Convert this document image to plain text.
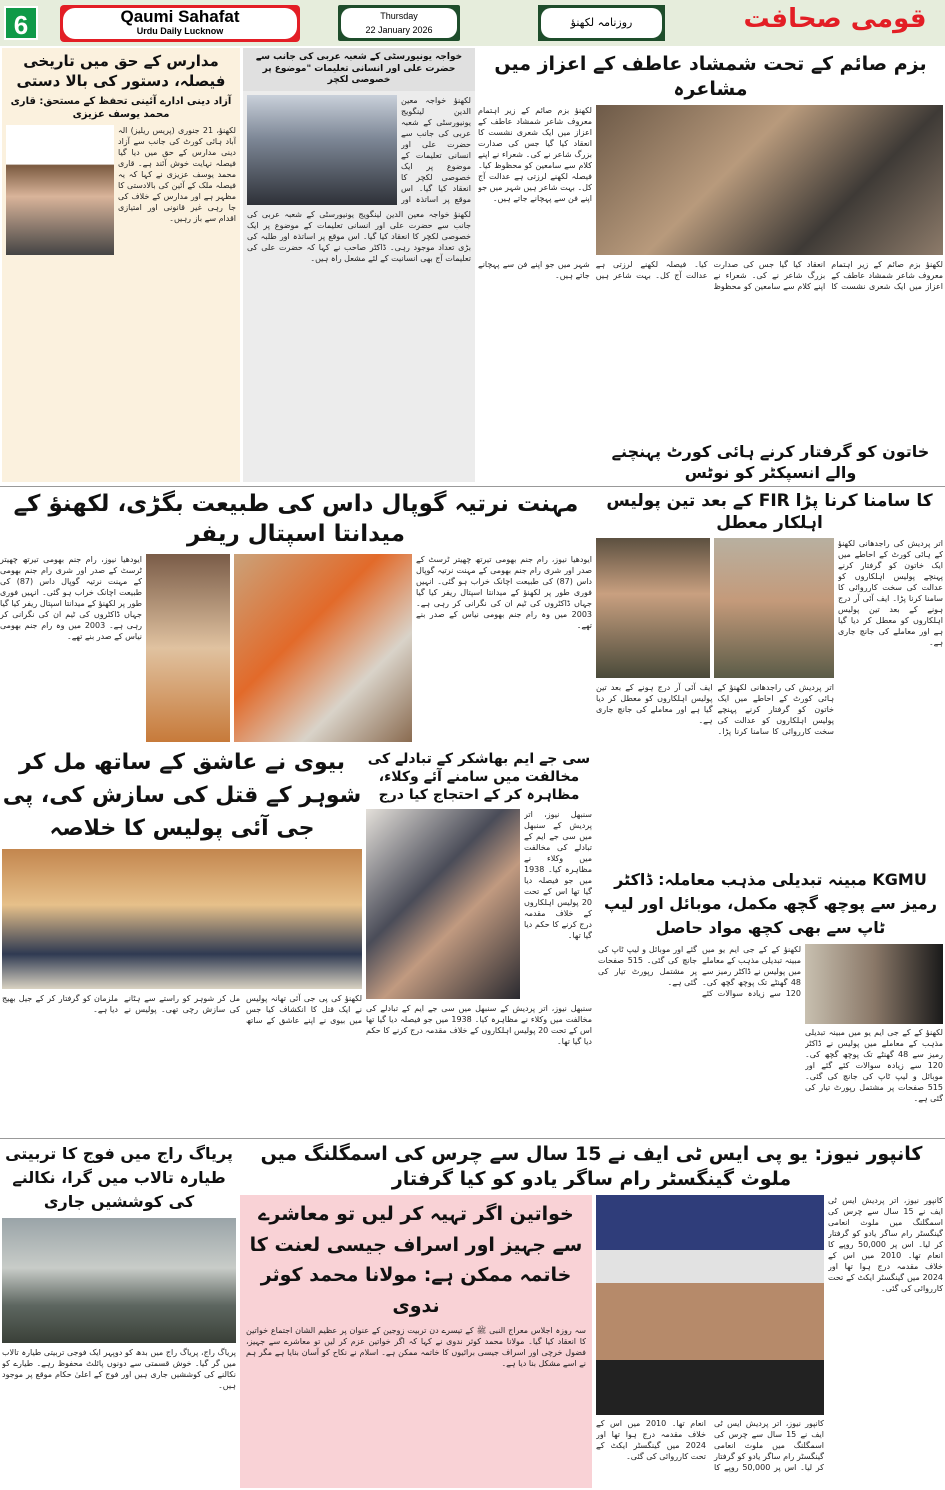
6	Qaumi Sahafat
Urdu Daily Lucknow
Thursday
22 January 2026
روزنامہ لکھنؤ	قومی صحافت
مدارس کے حق میں تاریخی فیصلہ، دستور کی بالا دستی
آزاد دینی ادارے آئینی تحفظ کے مستحق: قاری محمد یوسف عزیزی
لکھنؤ، 21 جنوری (پریس ریلیز) الہ آباد ہائی کورٹ کی جانب سے آزاد دینی مدارس کے حق میں دیا گیا فیصلہ نہایت خوش آئند ہے۔ قاری محمد یوسف عزیزی نے کہا کہ یہ فیصلہ ملک کے آئین کی بالادستی کا مظہر ہے اور مدارس کے خلاف کی جا رہی غیر قانونی اور امتیازی اقدام سے باز رہیں۔
خواجہ یونیورسٹی کے شعبہ عربی کی جانب سے حضرت علی اور انسانی تعلیمات "موضوع پر خصوصی لکچر
لکھنؤ خواجہ معین الدین لینگویج یونیورسٹی کے شعبہ عربی کی جانب سے حضرت علی اور انسانی تعلیمات کے موضوع پر ایک خصوصی لکچر کا انعقاد کیا گیا۔ اس موقع پر اساتذہ اور
لکھنؤ خواجہ معین الدین لینگویج یونیورسٹی کے شعبہ عربی کی جانب سے حضرت علی اور انسانی تعلیمات کے موضوع پر ایک خصوصی لکچر کا انعقاد کیا گیا۔ اس موقع پر اساتذہ اور طلبہ کی بڑی تعداد موجود رہی۔ ڈاکٹر صاحب نے کہا کہ حضرت علی کی تعلیمات آج بھی انسانیت کے لئے مشعل راہ ہیں۔
بزم صائم کے تحت شمشاد عاطف کے اعزاز میں مشاعرہ
لکھنؤ بزم صائم کے زیر اہتمام معروف شاعر شمشاد عاطف کے اعزاز میں ایک شعری نشست کا انعقاد کیا گیا جس کی صدارت بزرگ شاعر نے کی۔ شعراء نے اپنے کلام سے سامعین کو محظوظ کیا۔ فیصلہ لکھنے لرزتی ہے عدالت آج کل۔ بہت شاعر ہیں شہر میں جو اپنے فن سے پہچانے جاتے ہیں۔
لکھنؤ بزم صائم کے زیر اہتمام معروف شاعر شمشاد عاطف کے اعزاز میں ایک شعری نشست کا انعقاد کیا گیا جس کی صدارت بزرگ شاعر نے کی۔ شعراء نے اپنے کلام سے سامعین کو محظوظ کیا۔ فیصلہ لکھنے لرزتی ہے عدالت آج کل۔ بہت شاعر ہیں شہر میں جو اپنے فن سے پہچانے جاتے ہیں۔
خاتون کو گرفتار کرنے ہائی کورٹ پہنچنے والے انسپکٹر کو نوٹس
مہنت نرتیہ گوپال داس کی طبیعت بگڑی، لکھنؤ کے میدانتا اسپتال ریفر
ایودھیا نیوز، رام جنم بھومی تیرتھ چھیتر ٹرسٹ کے صدر اور شری رام جنم بھومی کے مہنت نرتیہ گوپال داس (87) کی طبیعت اچانک خراب ہو گئی۔ انہیں فوری طور پر لکھنؤ کے میدانتا اسپتال ریفر کیا گیا جہاں ڈاکٹروں کی ٹیم ان کی نگرانی کر رہی ہے۔ 2003 میں وہ رام جنم بھومی نیاس کے صدر بنے تھے۔
ایودھیا نیوز، رام جنم بھومی تیرتھ چھیتر ٹرسٹ کے صدر اور شری رام جنم بھومی کے مہنت نرتیہ گوپال داس (87) کی طبیعت اچانک خراب ہو گئی۔ انہیں فوری طور پر لکھنؤ کے میدانتا اسپتال ریفر کیا گیا جہاں ڈاکٹروں کی ٹیم ان کی نگرانی کر رہی ہے۔ 2003 میں وہ رام جنم بھومی نیاس کے صدر بنے تھے۔
کا سامنا کرنا پڑا FIR کے بعد تین پولیس اہلکار معطل
اتر پردیش کی راجدھانی لکھنؤ کے ہائی کورٹ کے احاطے میں ایک خاتون کو گرفتار کرنے پہنچے پولیس اہلکاروں کو عدالت کی سخت کارروائی کا سامنا کرنا پڑا۔ ایف آئی آر درج ہونے کے بعد تین پولیس اہلکاروں کو معطل کر دیا گیا ہے اور معاملے کی جانچ جاری ہے۔
اتر پردیش کی راجدھانی لکھنؤ کے ہائی کورٹ کے احاطے میں ایک خاتون کو گرفتار کرنے پہنچے پولیس اہلکاروں کو عدالت کی سخت کارروائی کا سامنا کرنا پڑا۔ ایف آئی آر درج ہونے کے بعد تین پولیس اہلکاروں کو معطل کر دیا گیا ہے اور معاملے کی جانچ جاری ہے۔
بیوی نے عاشق کے ساتھ مل کر شوہر کے قتل کی سازش کی، پی جی آئی پولیس کا خلاصہ
لکھنؤ کی پی جی آئی تھانہ پولیس نے ایک قتل کا انکشاف کیا جس میں بیوی نے اپنے عاشق کے ساتھ مل کر شوہر کو راستے سے ہٹانے کی سازش رچی تھی۔ پولیس نے ملزمان کو گرفتار کر کے جیل بھیج دیا ہے۔
سی جے ایم بھاشکر کے تبادلے کی مخالفت میں سامنے آئے وکلاء، مظاہرہ کر کے احتجاج کیا درج
سنبھل نیوز، اتر پردیش کے سنبھل میں سی جے ایم کے تبادلے کی مخالفت میں وکلاء نے مظاہرہ کیا۔ 1938 میں جو فیصلہ دیا گیا تھا اس کے تحت 20 پولیس اہلکاروں کے خلاف مقدمہ درج کرنے کا حکم دیا گیا تھا۔
سنبھل نیوز، اتر پردیش کے سنبھل میں سی جے ایم کے تبادلے کی مخالفت میں وکلاء نے مظاہرہ کیا۔ 1938 میں جو فیصلہ دیا گیا تھا اس کے تحت 20 پولیس اہلکاروں کے خلاف مقدمہ درج کرنے کا حکم دیا گیا تھا۔
KGMU مبینہ تبدیلی مذہب معاملہ: ڈاکٹر رمیز سے پوچھ گچھ مکمل، موبائل اور لیپ ٹاپ سے بھی کچھ مواد حاصل
لکھنؤ کے کے جی ایم یو میں مبینہ تبدیلی مذہب کے معاملے میں پولیس نے ڈاکٹر رمیز سے 48 گھنٹے تک پوچھ گچھ کی۔ 120 سے زیادہ سوالات کئے گئے اور موبائل و لیپ ٹاپ کی جانچ کی گئی۔ 515 صفحات پر مشتمل رپورٹ تیار کی گئی ہے۔
لکھنؤ کے کے جی ایم یو میں مبینہ تبدیلی مذہب کے معاملے میں پولیس نے ڈاکٹر رمیز سے 48 گھنٹے تک پوچھ گچھ کی۔ 120 سے زیادہ سوالات کئے گئے اور موبائل و لیپ ٹاپ کی جانچ کی گئی۔ 515 صفحات پر مشتمل رپورٹ تیار کی گئی ہے۔
کانپور نیوز: یو پی ایس ٹی ایف نے 15 سال سے چرس کی اسمگلنگ میں ملوث گینگسٹر رام ساگر یادو کو کیا گرفتار
خواتین اگر تہیہ کر لیں تو معاشرے سے جہیز اور اسراف جیسی لعنت کا خاتمہ ممکن ہے: مولانا محمد کوثر ندوی
سہ روزہ اجلاس معراج النبی ﷺ کے تیسرے دن تربیت زوجین کے عنوان پر عظیم الشان اجتماع خواتین کا انعقاد کیا گیا۔ مولانا محمد کوثر ندوی نے کہا کہ اگر خواتین عزم کر لیں تو معاشرے سے جہیز، فضول خرچی اور اسراف جیسی برائیوں کا خاتمہ ممکن ہے۔ اسلام نے نکاح کو آسان بنایا ہے مگر ہم نے اسے مشکل بنا دیا ہے۔
کانپور نیوز، اتر پردیش ایس ٹی ایف نے 15 سال سے چرس کی اسمگلنگ میں ملوث انعامی گینگسٹر رام ساگر یادو کو گرفتار کر لیا۔ اس پر 50,000 روپے کا انعام تھا۔ 2010 میں اس کے خلاف مقدمہ درج ہوا تھا اور 2024 میں گینگسٹر ایکٹ کے تحت کارروائی کی گئی۔
کانپور نیوز، اتر پردیش ایس ٹی ایف نے 15 سال سے چرس کی اسمگلنگ میں ملوث انعامی گینگسٹر رام ساگر یادو کو گرفتار کر لیا۔ اس پر 50,000 روپے کا انعام تھا۔ 2010 میں اس کے خلاف مقدمہ درج ہوا تھا اور 2024 میں گینگسٹر ایکٹ کے تحت کارروائی کی گئی۔
پریاگ راج میں فوج کا تربیتی طیارہ تالاب میں گرا، نکالنے کی کوششیں جاری
پریاگ راج، پریاگ راج میں بدھ کو دوپہر ایک فوجی تربیتی طیارہ تالاب میں گر گیا۔ خوش قسمتی سے دونوں پائلٹ محفوظ رہے۔ طیارے کو نکالنے کی کوششیں جاری ہیں اور فوج کے اعلیٰ حکام موقع پر موجود ہیں۔
